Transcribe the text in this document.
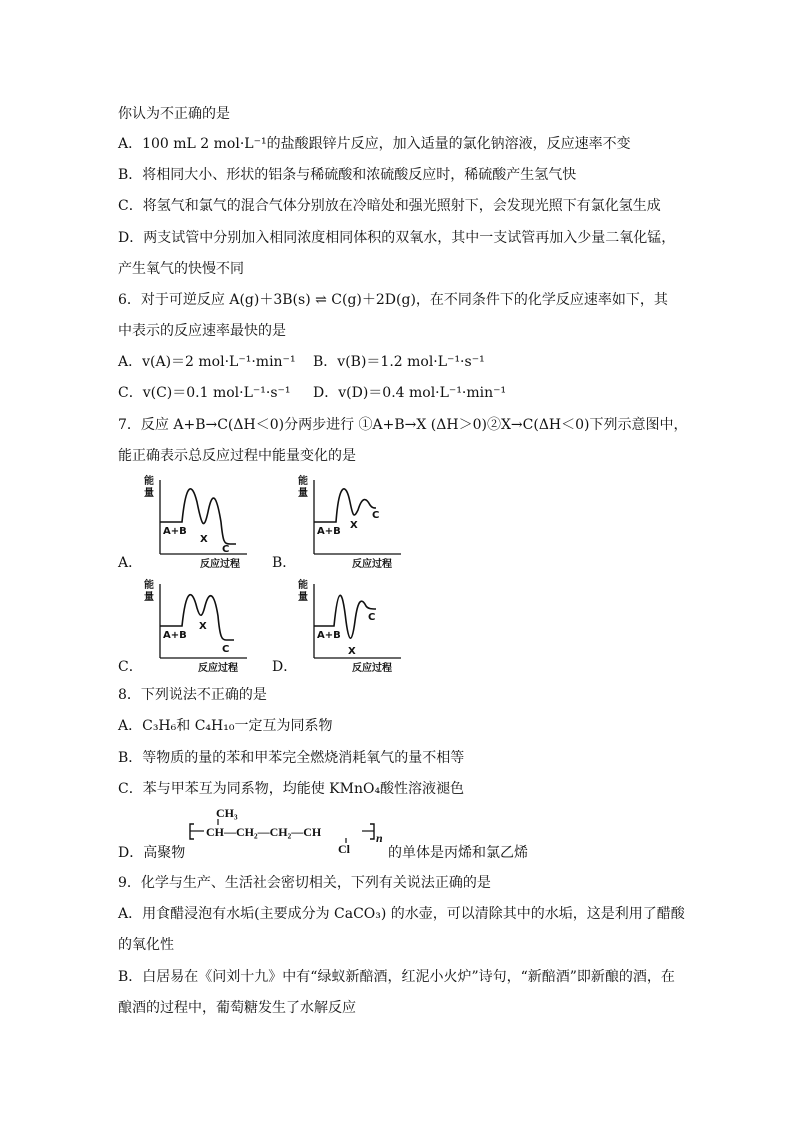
你认为不正确的是
A．100 mL 2 mol·L⁻¹的盐酸跟锌片反应，加入适量的氯化钠溶液，反应速率不变
B．将相同大小、形状的铝条与稀硫酸和浓硫酸反应时，稀硫酸产生氢气快
C．将氢气和氯气的混合气体分别放在冷暗处和强光照射下，会发现光照下有氯化氢生成
D．两支试管中分别加入相同浓度相同体积的双氧水，其中一支试管再加入少量二氧化锰，
产生氧气的快慢不同
6．对于可逆反应 A(g)＋3B(s) ⇌ C(g)＋2D(g)，在不同条件下的化学反应速率如下，其
中表示的反应速率最快的是
A．v(A)＝2 mol·L⁻¹·min⁻¹ B．v(B)＝1.2 mol·L⁻¹·s⁻¹
C．v(C)＝0.1 mol·L⁻¹·s⁻¹ D．v(D)＝0.4 mol·L⁻¹·min⁻¹
7．反应 A+B→C(ΔH＜0)分两步进行 ①A+B→X (ΔH＞0)②X→C(ΔH＜0)下列示意图中，
能正确表示总反应过程中能量变化的是
A．
能
量
A+B
X
C
反应过程 B．
能
量
A+B
X
C
反应过程
C．
能
量
A+B
X
C
反应过程 D．
能
量
A+B
X
C
反应过程
8．下列说法不正确的是
A．C₃H₆和 C₄H₁₀一定互为同系物
B．等物质的量的苯和甲苯完全燃烧消耗氧气的量不相等
C．苯与甲苯互为同系物，均能使 KMnO₄酸性溶液褪色
D．高聚物
CH₃
CH—CH₂—CH₂—CH
Cl
n
的单体是丙烯和氯乙烯
9．化学与生产、生活社会密切相关，下列有关说法正确的是
A．用食醋浸泡有水垢(主要成分为 CaCO₃) 的水壶，可以清除其中的水垢，这是利用了醋酸
的氧化性
B．白居易在《问刘十九》中有“绿蚁新醅酒，红泥小火炉”诗句，“新醅酒”即新酿的酒，在
酿酒的过程中，葡萄糖发生了水解反应
